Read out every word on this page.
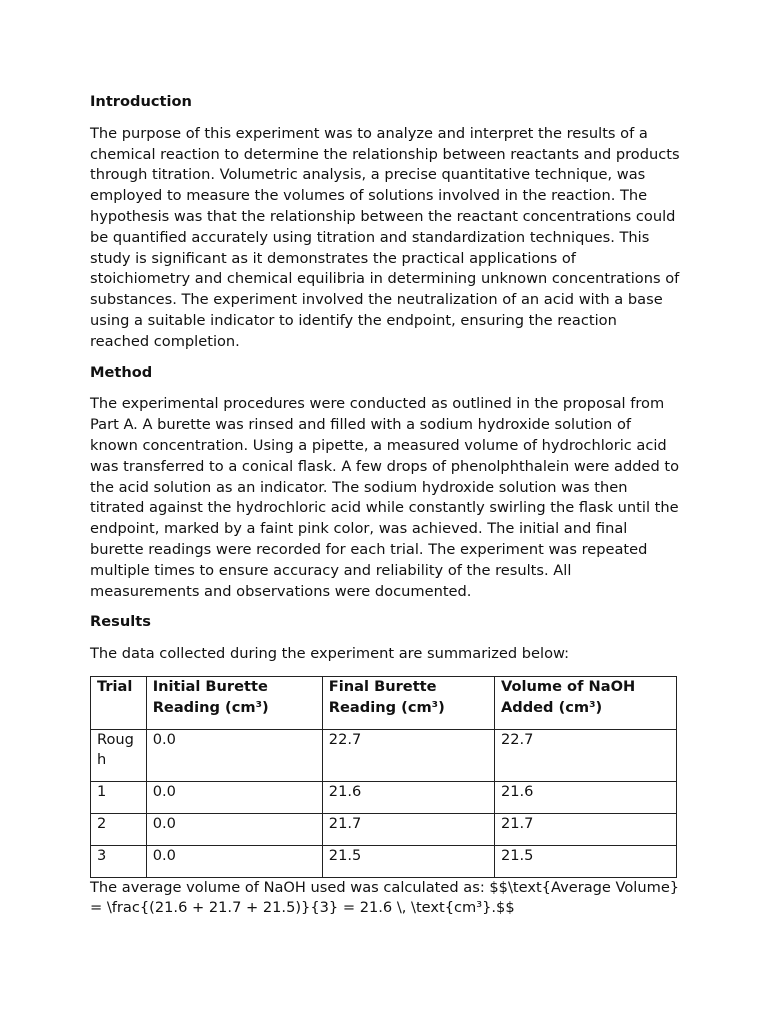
Introduction

The purpose of this experiment was to analyze and interpret the results of a chemical reaction to determine the relationship between reactants and products through titration. Volumetric analysis, a precise quantitative technique, was employed to measure the volumes of solutions involved in the reaction. The hypothesis was that the relationship between the reactant concentrations could be quantified accurately using titration and standardization techniques. This study is significant as it demonstrates the practical applications of stoichiometry and chemical equilibria in determining unknown concentrations of substances. The experiment involved the neutralization of an acid with a base using a suitable indicator to identify the endpoint, ensuring the reaction reached completion.

Method

The experimental procedures were conducted as outlined in the proposal from Part A. A burette was rinsed and filled with a sodium hydroxide solution of known concentration. Using a pipette, a measured volume of hydrochloric acid was transferred to a conical flask. A few drops of phenolphthalein were added to the acid solution as an indicator. The sodium hydroxide solution was then titrated against the hydrochloric acid while constantly swirling the flask until the endpoint, marked by a faint pink color, was achieved. The initial and final burette readings were recorded for each trial. The experiment was repeated multiple times to ensure accuracy and reliability of the results. All measurements and observations were documented.

Results

The data collected during the experiment are summarized below:

Trial	Initial Burette Reading (cm³)	Final Burette Reading (cm³)	Volume of NaOH Added (cm³)
Rough	0.0	22.7	22.7
1	0.0	21.6	21.6
2	0.0	21.7	21.7
3	0.0	21.5	21.5

The average volume of NaOH used was calculated as: $$\text{Average Volume} = \frac{(21.6 + 21.7 + 21.5)}{3} = 21.6 \, \text{cm³}.$$
